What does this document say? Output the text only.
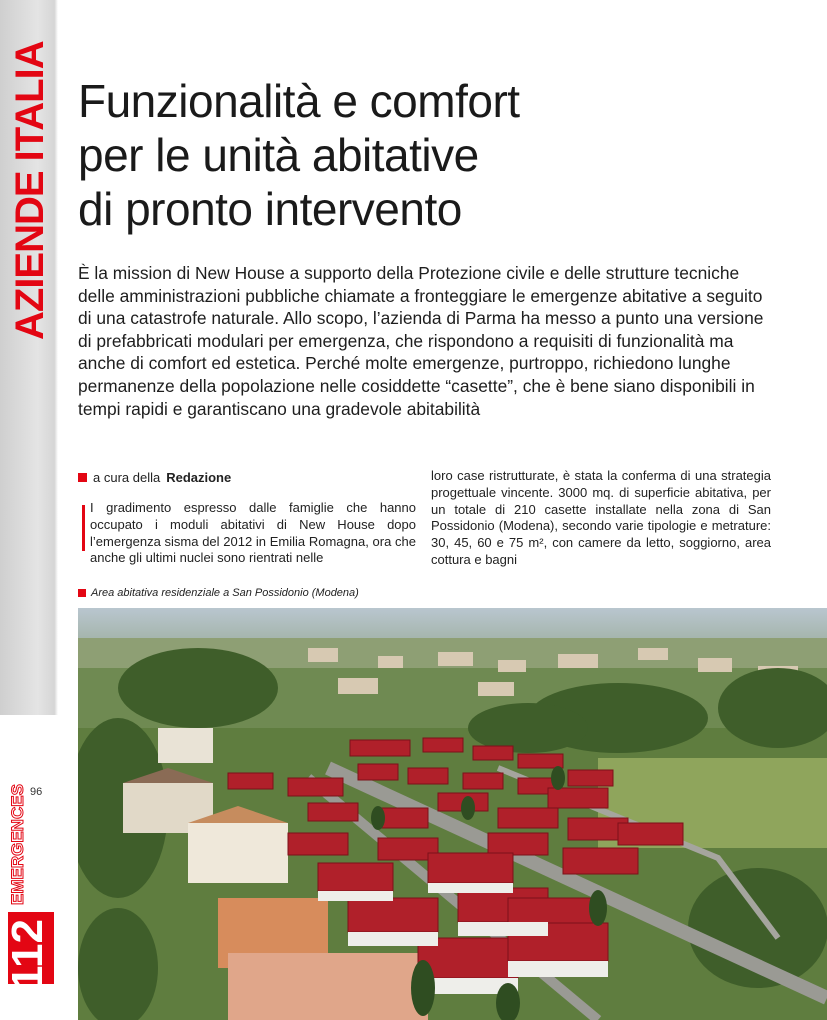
AZIENDE ITALIA
96
EMERGENCES
112
Funzionalità e comfort
per le unità abitative
di pronto intervento

È la mission di New House a supporto della Protezione civile e delle strutture tecniche delle amministrazioni pubbliche chiamate a fronteggiare le emergenze abitative a seguito di una catastrofe naturale. Allo scopo, l’azienda di Parma ha messo a punto una versione di prefabbricati modulari per emergenza, che rispondono a requisiti di funzionalità ma anche di comfort ed estetica. Perché molte emergenze, purtroppo, richiedono lunghe permanenze della popolazione nelle cosiddette “casette”, che è bene siano disponibili in tempi rapidi e garantiscano una gradevole abitabilità

a cura della Redazione

I gradimento espresso dalle famiglie che hanno occupato i moduli abitativi di New House dopo l’emergenza sisma del 2012 in Emilia Romagna, ora che anche gli ultimi nuclei sono rientrati nelle

loro case ristrutturate, è stata la conferma di una strategia progettuale vincente. 3000 mq. di superficie abitativa, per un totale di 210 casette installate nella zona di San Possidonio (Modena), secondo varie tipologie e metrature: 30, 45, 60 e 75 m², con camere da letto, soggiorno, area cottura e bagni

Area abitativa residenziale a San Possidonio (Modena)
